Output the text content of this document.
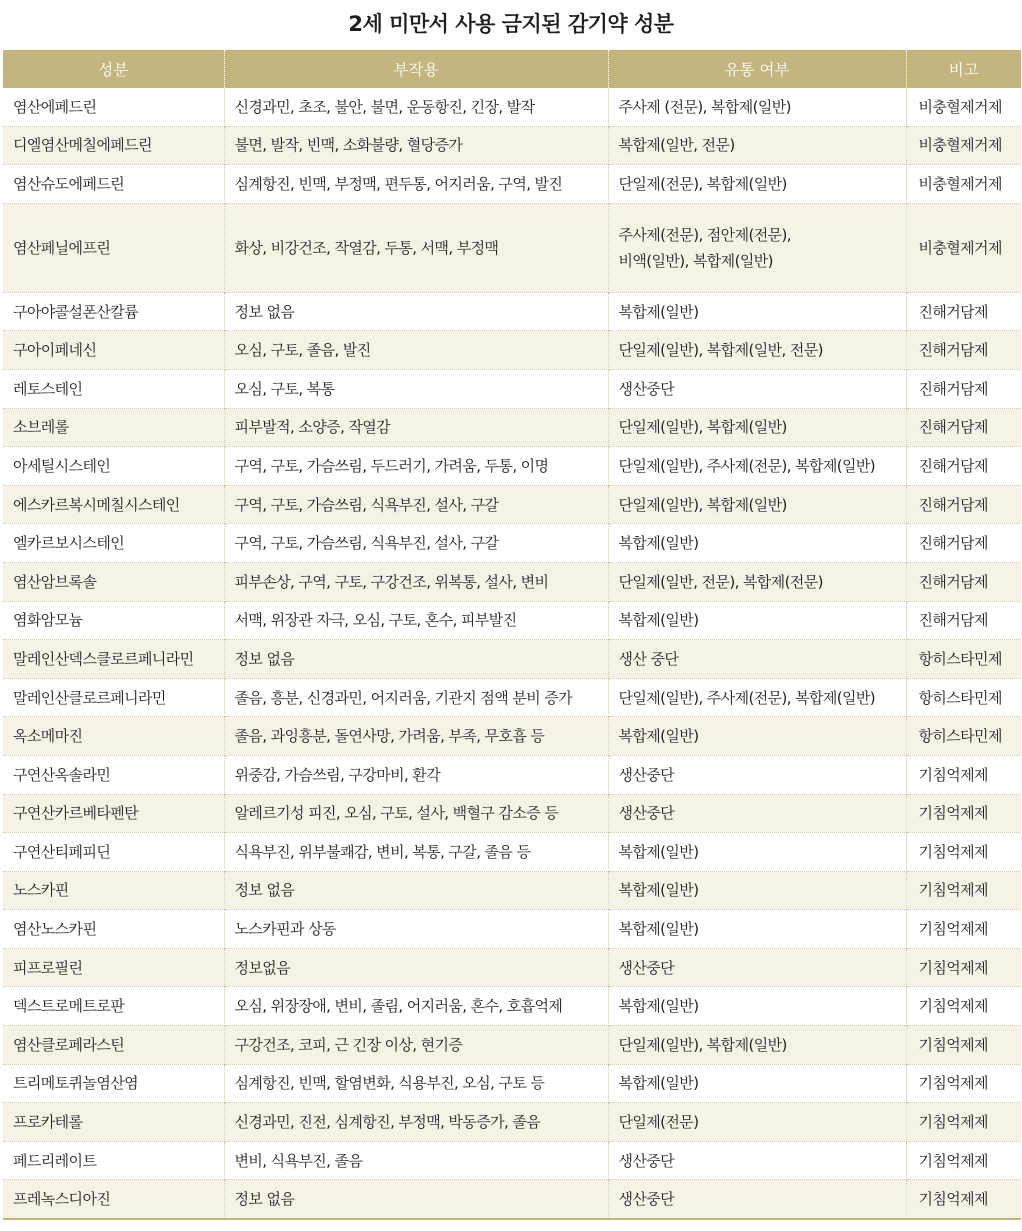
2세 미만서 사용 금지된 감기약 성분
성분	부작용	유통 여부	비고
염산에페드린	신경과민, 초조, 불안, 불면, 운동항진, 긴장, 발작	주사제 (전문), 복합제(일반)	비충혈제거제
디엘염산메칠에페드린	불면, 발작, 빈맥, 소화불량, 혈당증가	복합제(일반, 전문)	비충혈제거제
염산슈도에페드린	심계항진, 빈맥, 부정맥, 편두통, 어지러움, 구역, 발진	단일제(전문), 복합제(일반)	비충혈제거제
염산페닐에프린	화상, 비강건조, 작열감, 두통, 서맥, 부정맥	주사제(전문), 점안제(전문),
비액(일반), 복합제(일반)	비충혈제거제
구아야콜설폰산칼륨	정보 없음	복합제(일반)	진해거담제
구아이페네신	오심, 구토, 졸음, 발진	단일제(일반), 복합제(일반, 전문)	진해거담제
레토스테인	오심, 구토, 복통	생산중단	진해거담제
소브레롤	피부발적, 소양증, 작열감	단일제(일반), 복합제(일반)	진해거담제
아세틸시스테인	구역, 구토, 가슴쓰림, 두드러기, 가려움, 두통, 이명	단일제(일반), 주사제(전문), 복합제(일반)	진해거담제
에스카르복시메칠시스테인	구역, 구토, 가슴쓰림, 식욕부진, 설사, 구갈	단일제(일반), 복합제(일반)	진해거담제
엘카르보시스테인	구역, 구토, 가슴쓰림, 식욕부진, 설사, 구갈	복합제(일반)	진해거담제
염산암브록솔	피부손상, 구역, 구토, 구강건조, 위복통, 설사, 변비	단일제(일반, 전문), 복합제(전문)	진해거담제
염화암모늄	서맥, 위장관 자극, 오심, 구토, 혼수, 피부발진	복합제(일반)	진해거담제
말레인산덱스클로르페니라민	정보 없음	생산 중단	항히스타민제
말레인산클로르페니라민	졸음, 흥분, 신경과민, 어지러움, 기관지 점액 분비 증가	단일제(일반), 주사제(전문), 복합제(일반)	항히스타민제
옥소메마진	졸음, 과잉흥분, 돌연사망, 가려움, 부족, 무호흡 등	복합제(일반)	항히스타민제
구연산옥솔라민	위중감, 가슴쓰림, 구강마비, 환각	생산중단	기침억제제
구연산카르베타펜탄	알레르기성 피진, 오심, 구토, 설사, 백혈구 감소증 등	생산중단	기침억제제
구연산티페피딘	식욕부진, 위부불쾌감, 변비, 복통, 구갈, 졸음 등	복합제(일반)	기침억제제
노스카핀	정보 없음	복합제(일반)	기침억제제
염산노스카핀	노스카핀과 상동	복합제(일반)	기침억제제
피프로필린	정보없음	생산중단	기침억제제
덱스트로메트로판	오심, 위장장애, 변비, 졸림, 어지러움, 혼수, 호흡억제	복합제(일반)	기침억제제
염산클로페라스틴	구강건조, 코피, 근 긴장 이상, 현기증	단일제(일반), 복합제(일반)	기침억제제
트리메토퀴놀염산염	심계항진, 빈맥, 할염변화, 식용부진, 오심, 구토 등	복합제(일반)	기침억제제
프로카테롤	신경과민, 진전, 심계항진, 부정맥, 박동증가, 졸음	단일제(전문)	기침억제제
페드리레이트	변비, 식욕부진, 졸음	생산중단	기침억제제
프레녹스디아진	정보 없음	생산중단	기침억제제
